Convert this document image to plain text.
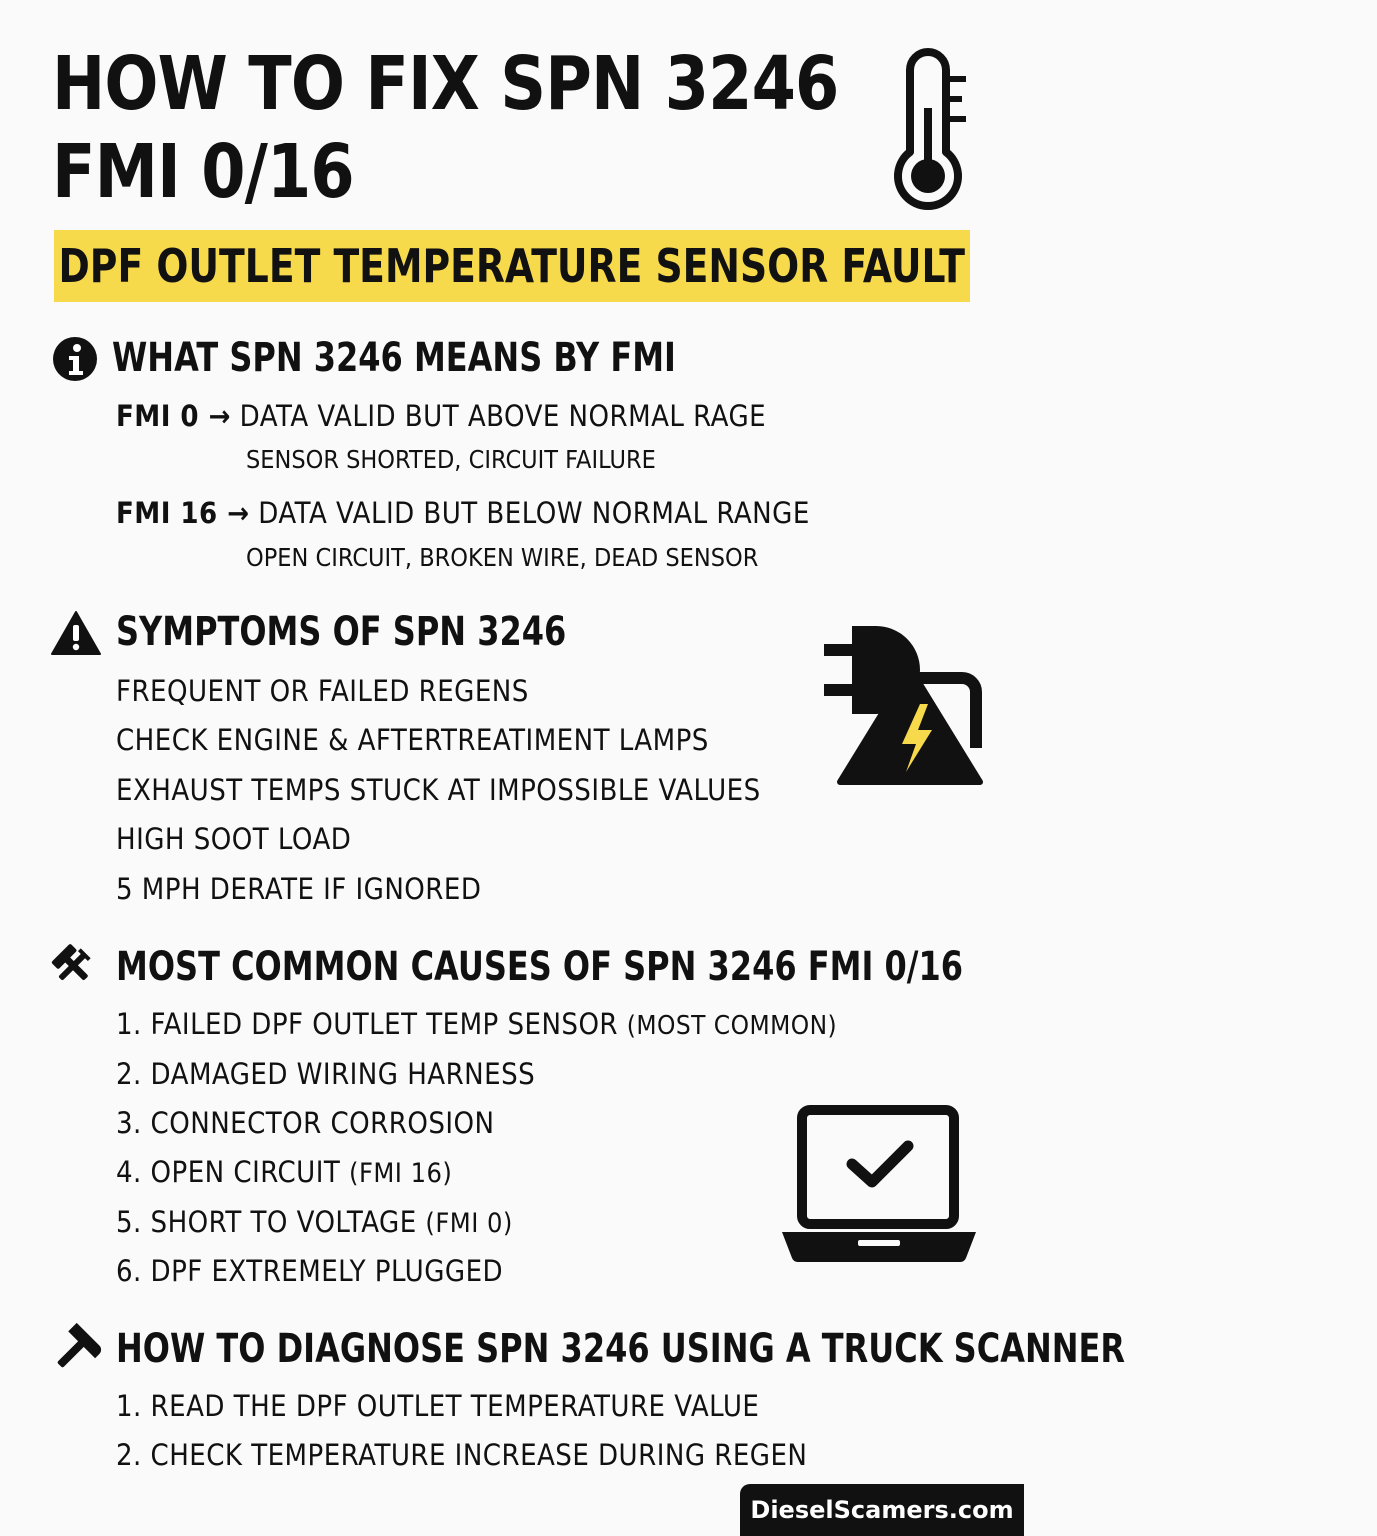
HOW TO FIX SPN 3246
FMI 0/16
DPF OUTLET TEMPERATURE SENSOR FAULT
WHAT SPN 3246 MEANS BY FMI
FMI 0 → DATA VALID BUT ABOVE NORMAL RAGE
SENSOR SHORTED, CIRCUIT FAILURE
FMI 16 → DATA VALID BUT BELOW NORMAL RANGE
OPEN CIRCUIT, BROKEN WIRE, DEAD SENSOR
SYMPTOMS OF SPN 3246
FREQUENT OR FAILED REGENS
CHECK ENGINE & AFTERTREATIMENT LAMPS
EXHAUST TEMPS STUCK AT IMPOSSIBLE VALUES
HIGH SOOT LOAD
5 MPH DERATE IF IGNORED
MOST COMMON CAUSES OF SPN 3246 FMI 0/16
1. FAILED DPF OUTLET TEMP SENSOR (MOST COMMON)
2. DAMAGED WIRING HARNESS
3. CONNECTOR CORROSION
4. OPEN CIRCUIT (FMI 16)
5. SHORT TO VOLTAGE (FMI 0)
6. DPF EXTREMELY PLUGGED
HOW TO DIAGNOSE SPN 3246 USING A TRUCK SCANNER
1. READ THE DPF OUTLET TEMPERATURE VALUE
2. CHECK TEMPERATURE INCREASE DURING REGEN
DieselScamers.com
